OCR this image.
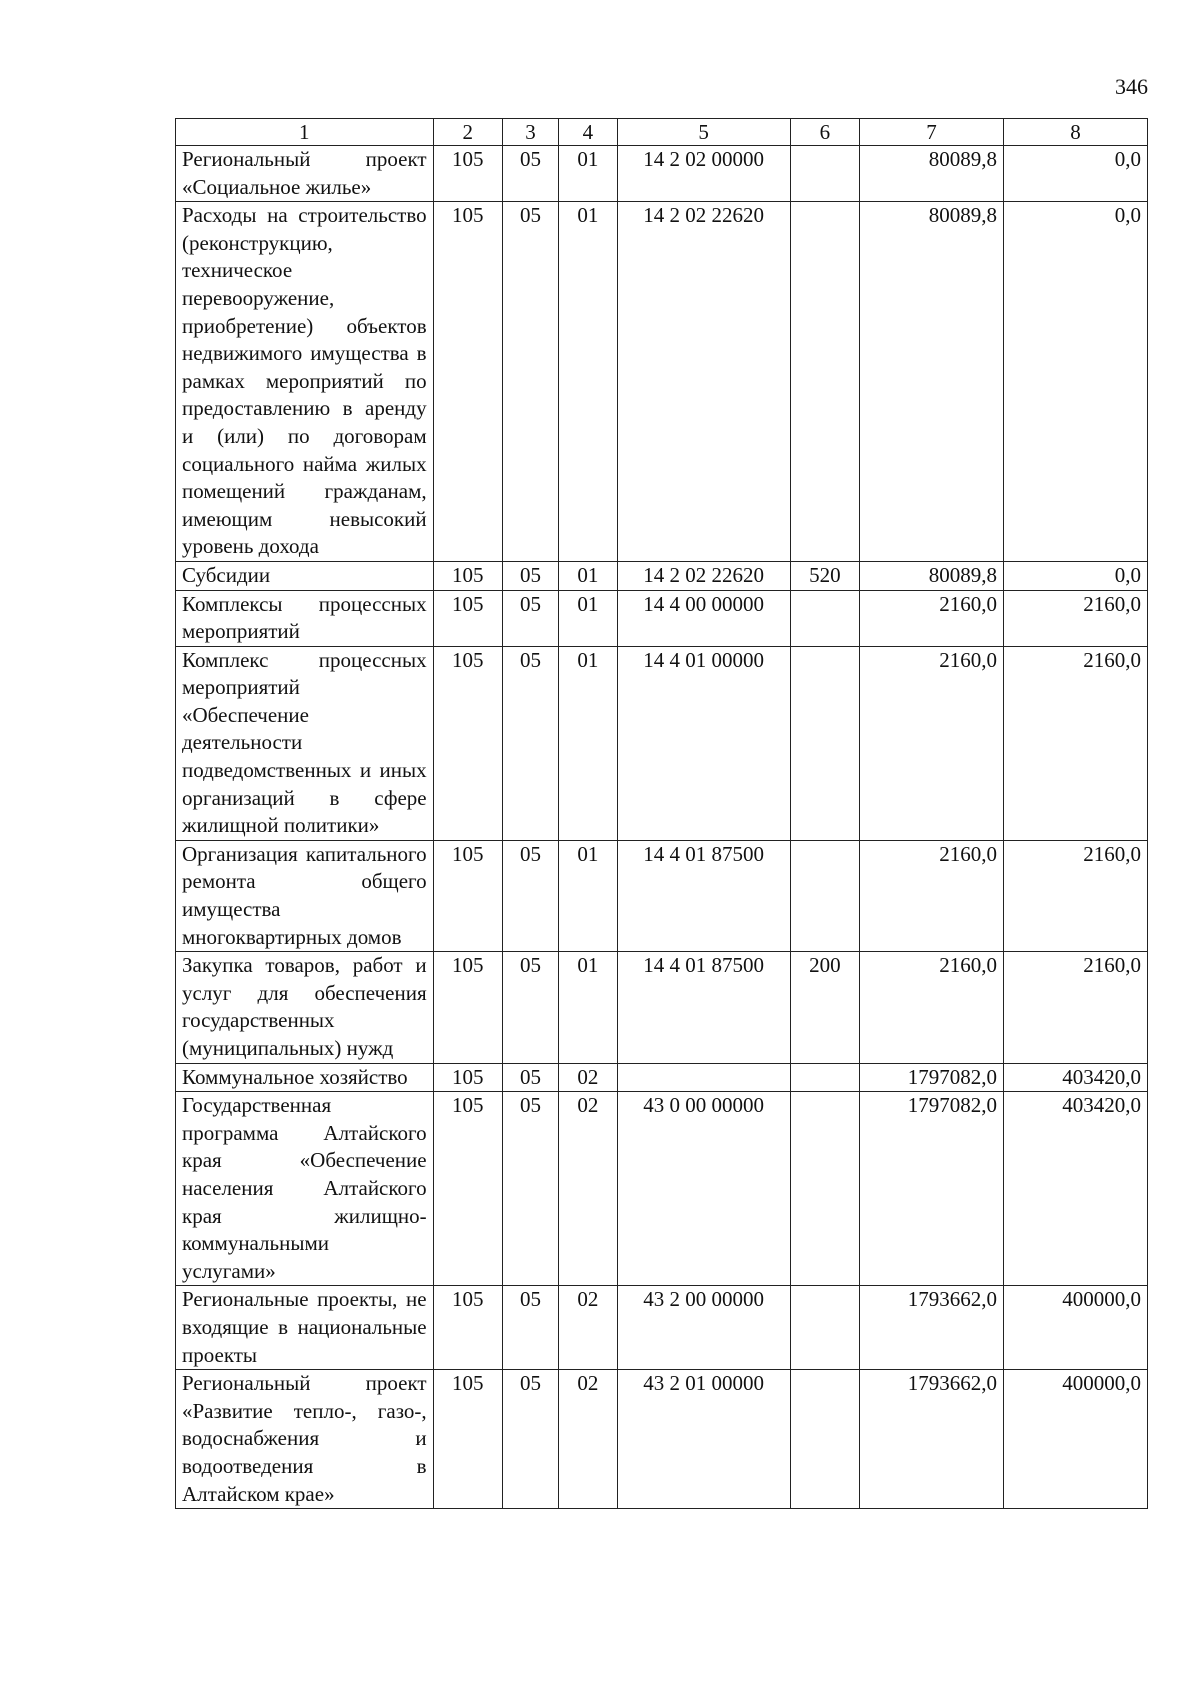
346
1	2	3	4	5	6	7	8
Региональный проект «Социальное жилье»	105	05	01	14 2 02 00000		80089,8	0,0
Расходы на строительство (реконструкцию, техническое перевооружение, приобретение) объектов недвижимого имущества в рамках мероприятий по предоставлению в аренду и (или) по договорам социального найма жилых помещений гражданам, имеющим невысокий уровень дохода	105	05	01	14 2 02 22620		80089,8	0,0
Субсидии	105	05	01	14 2 02 22620	520	80089,8	0,0
Комплексы процессных мероприятий	105	05	01	14 4 00 00000		2160,0	2160,0
Комплекс процессных мероприятий «Обеспечение деятельности подведомственных и иных организаций в сфере жилищной политики»	105	05	01	14 4 01 00000		2160,0	2160,0
Организация капитального ремонта общего имущества многоквартирных домов	105	05	01	14 4 01 87500		2160,0	2160,0
Закупка товаров, работ и услуг для обеспечения государственных (муниципальных) нужд	105	05	01	14 4 01 87500	200	2160,0	2160,0
Коммунальное хозяйство	105	05	02			1797082,0	403420,0
Государственная программа Алтайского края «Обеспечение населения Алтайского края жилищно-коммунальными услугами»	105	05	02	43 0 00 00000		1797082,0	403420,0
Региональные проекты, не входящие в национальные проекты	105	05	02	43 2 00 00000		1793662,0	400000,0
Региональный проект «Развитие тепло-, газо-, водоснабжения и водоотведения в Алтайском крае»	105	05	02	43 2 01 00000		1793662,0	400000,0
